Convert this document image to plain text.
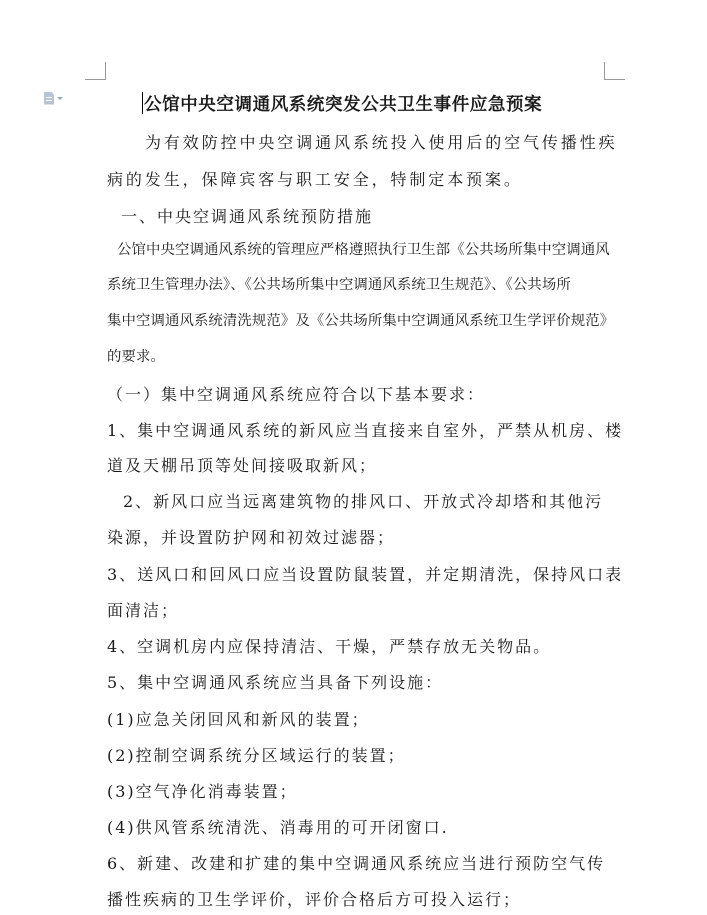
公馆中央空调通风系统突发公共卫生事件应急预案
为有效防控中央空调通风系统投入使用后的空气传播性疾
病的发生，保障宾客与职工安全，特制定本预案。
一、中央空调通风系统预防措施
公馆中央空调通风系统的管理应严格遵照执行卫生部《公共场所集中空调通风
系统卫生管理办法》、《公共场所集中空调通风系统卫生规范》、《公共场所
集中空调通风系统清洗规范》及《公共场所集中空调通风系统卫生学评价规范》
的要求。
（一）集中空调通风系统应符合以下基本要求：
1、集中空调通风系统的新风应当直接来自室外，严禁从机房、楼
道及天棚吊顶等处间接吸取新风；
2、新风口应当远离建筑物的排风口、开放式冷却塔和其他污
染源，并设置防护网和初效过滤器；
3、送风口和回风口应当设置防鼠装置，并定期清洗，保持风口表
面清洁；
4、空调机房内应保持清洁、干燥，严禁存放无关物品。
5、集中空调通风系统应当具备下列设施：
(1)应急关闭回风和新风的装置；
(2)控制空调系统分区域运行的装置；
(3)空气净化消毒装置；
(4)供风管系统清洗、消毒用的可开闭窗口.
6、新建、改建和扩建的集中空调通风系统应当进行预防空气传
播性疾病的卫生学评价，评价合格后方可投入运行；
